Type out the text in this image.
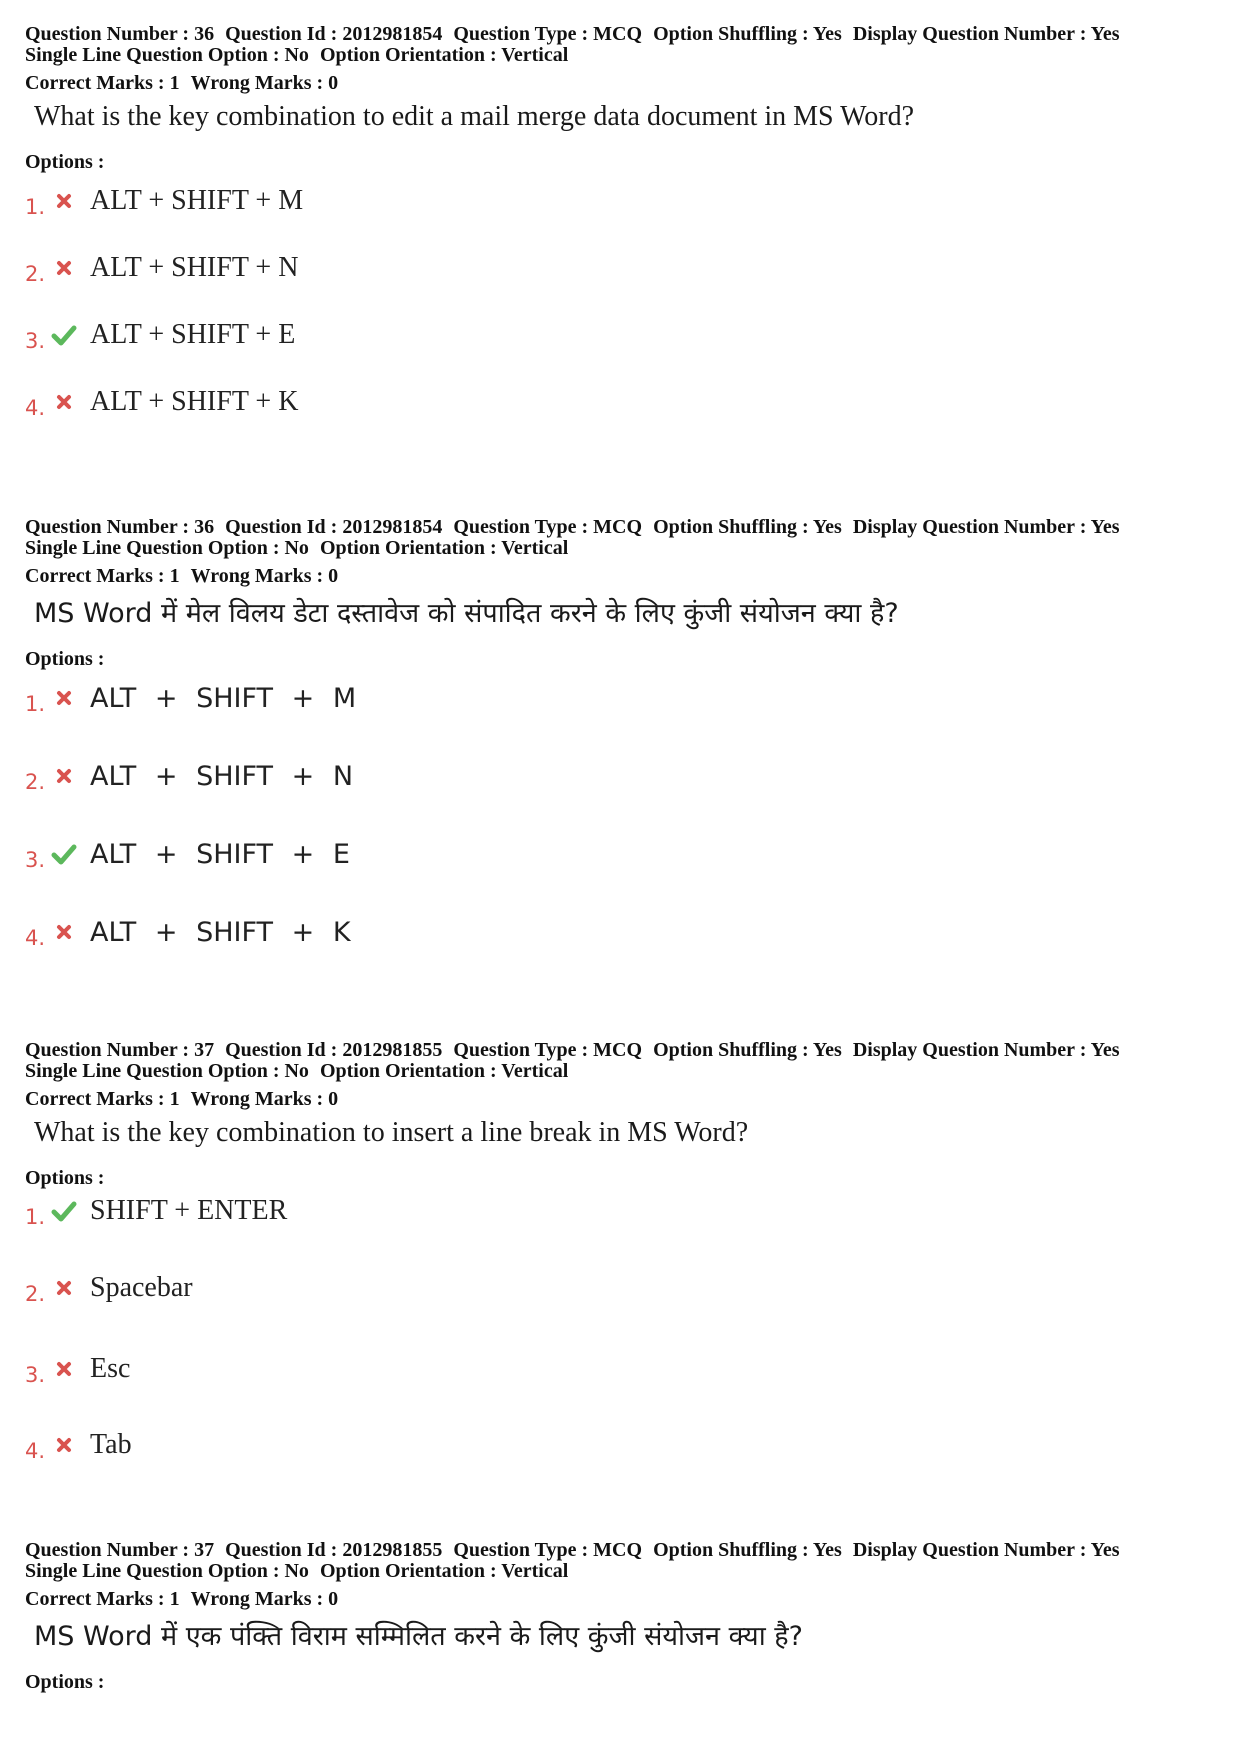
Question Number : 36 Question Id : 2012981854 Question Type : MCQ Option Shuffling : Yes Display Question Number : Yes
Single Line Question Option : No Option Orientation : Vertical
Correct Marks : 1 Wrong Marks : 0
What is the key combination to edit a mail merge data document in MS Word?
Options :
1. ALT + SHIFT + M
2. ALT + SHIFT + N
3. ALT + SHIFT + E
4. ALT + SHIFT + K
Question Number : 36 Question Id : 2012981854 Question Type : MCQ Option Shuffling : Yes Display Question Number : Yes
Single Line Question Option : No Option Orientation : Vertical
Correct Marks : 1 Wrong Marks : 0
MS Word में मेल विलय डेटा दस्तावेज को संपादित करने के लिए कुंजी संयोजन क्या है?
Options :
1. ALT + SHIFT + M
2. ALT + SHIFT + N
3. ALT + SHIFT + E
4. ALT + SHIFT + K
Question Number : 37 Question Id : 2012981855 Question Type : MCQ Option Shuffling : Yes Display Question Number : Yes
Single Line Question Option : No Option Orientation : Vertical
Correct Marks : 1 Wrong Marks : 0
What is the key combination to insert a line break in MS Word?
Options :
1. SHIFT + ENTER
2. Spacebar
3. Esc
4. Tab
Question Number : 37 Question Id : 2012981855 Question Type : MCQ Option Shuffling : Yes Display Question Number : Yes
Single Line Question Option : No Option Orientation : Vertical
Correct Marks : 1 Wrong Marks : 0
MS Word में एक पंक्ति विराम सम्मिलित करने के लिए कुंजी संयोजन क्या है?
Options :
